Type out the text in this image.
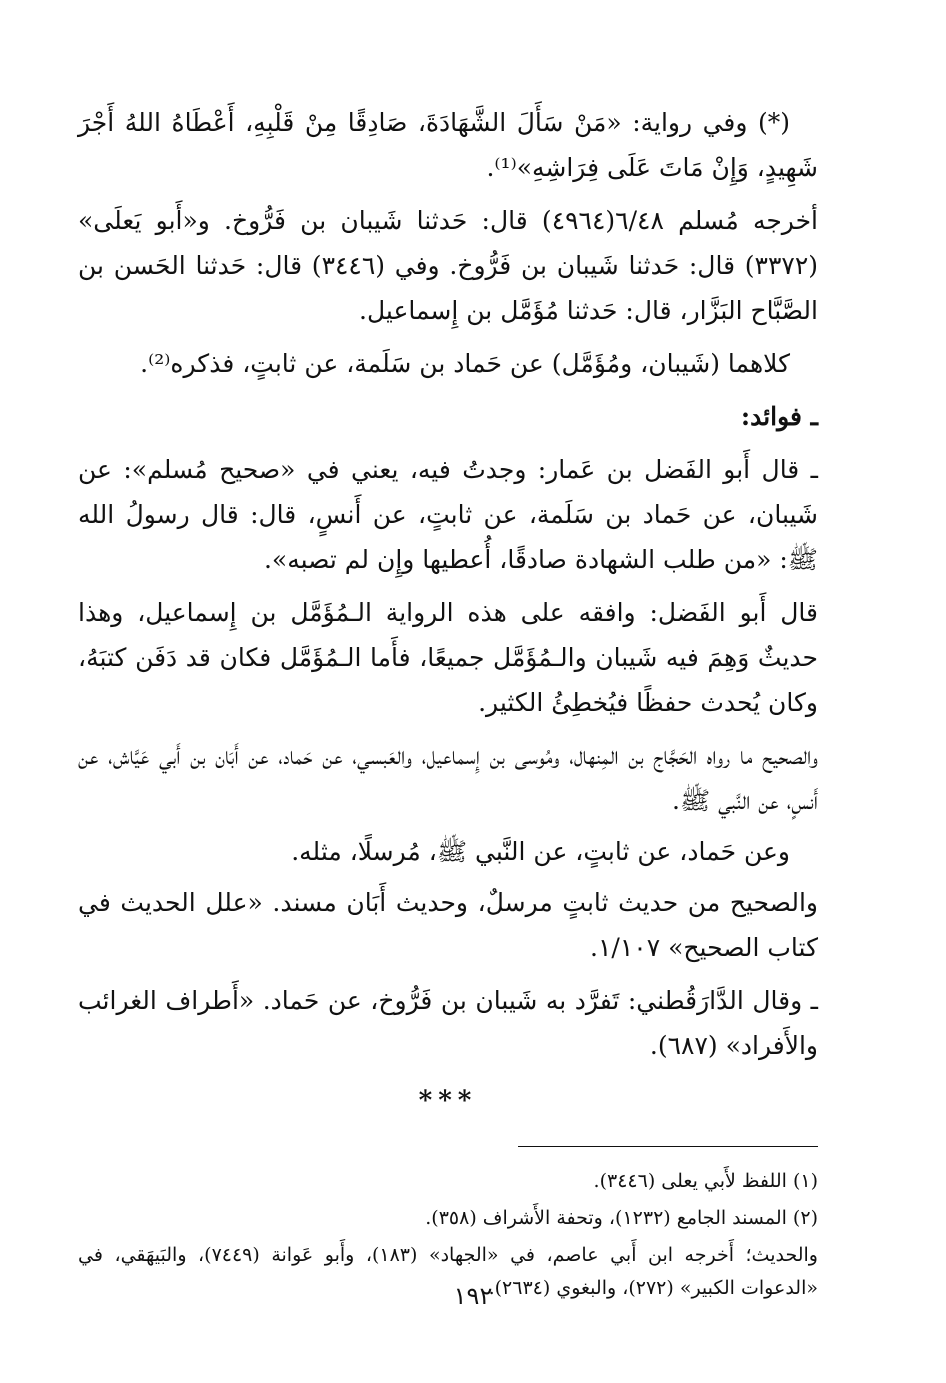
(*) وفي رواية: «مَنْ سَأَلَ الشَّهَادَةَ، صَادِقًا مِنْ قَلْبِهِ، أَعْطَاهُ اللهُ أَجْرَ شَهِيدٍ، وَإِنْ مَاتَ عَلَى فِرَاشِهِ»⁽¹⁾.

أخرجه مُسلم ٦/٤٨(٤٩٦٤) قال: حَدثنا شَيبان بن فَرُّوخ. و«أَبو يَعلَى» (٣٣٧٢) قال: حَدثنا شَيبان بن فَرُّوخ. وفي (٣٤٤٦) قال: حَدثنا الحَسن بن الصَّبَّاح البَزَّار، قال: حَدثنا مُؤَمَّل بن إِسماعيل.

كلاهما (شَيبان، ومُؤَمَّل) عن حَماد بن سَلَمة، عن ثابتٍ، فذكره⁽²⁾.

ـ فوائد:

ـ قال أَبو الفَضل بن عَمار: وجدتُ فيه، يعني في «صحيح مُسلم»: عن شَيبان، عن حَماد بن سَلَمة، عن ثابتٍ، عن أَنسٍ، قال: قال رسولُ الله ﷺ: «من طلب الشهادة صادقًا، أُعطيها وإِن لم تصبه».

قال أَبو الفَضل: وافقه على هذه الرواية الـمُؤَمَّل بن إِسماعيل، وهذا حديثٌ وَهِمَ فيه شَيبان والـمُؤَمَّل جميعًا، فأَما الـمُؤَمَّل فكان قد دَفَن كتبَهُ، وكان يُحدث حفظًا فيُخطِئُ الكثير.

والصحيح ما رواه الحَجَّاج بن المِنهال، ومُوسى بن إِسماعيل، والعَبسي، عن حَماد، عن أَبَان بن أَبي عَيَّاش، عن أَنسٍ، عن النَّبي ﷺ.

وعن حَماد، عن ثابتٍ، عن النَّبي ﷺ، مُرسلًا، مثله.

والصحيح من حديث ثابتٍ مرسلٌ، وحديث أَبَان مسند. «علل الحديث في كتاب الصحيح» ١/١٠٧.

ـ وقال الدَّارَقُطني: تَفرَّد به شَيبان بن فَرُّوخ، عن حَماد. «أَطراف الغرائب والأَفراد» (٦٨٧).

***

(١) اللفظ لأَبي يعلى (٣٤٤٦).

(٢) المسند الجامع (١٢٣٢)، وتحفة الأَشراف (٣٥٨).

والحديث؛ أَخرجه ابن أَبي عاصم، في «الجهاد» (١٨٣)، وأَبو عَوانة (٧٤٤٩)، والبَيهَقي، في «الدعوات الكبير» (٢٧٢)، والبغوي (٢٦٣٤).

١٩٢
